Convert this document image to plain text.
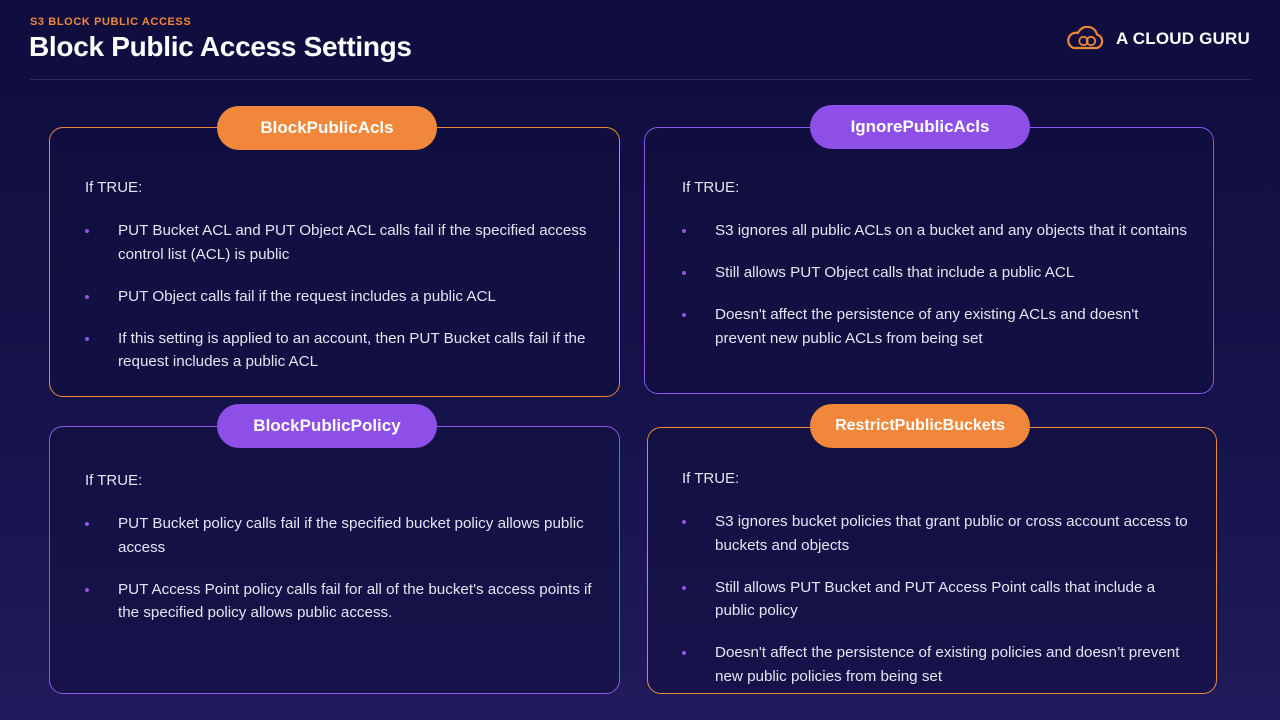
S3 BLOCK PUBLIC ACCESS
Block Public Access Settings	A CLOUD GURU
BlockPublicAcls
If TRUE:
PUT Bucket ACL and PUT Object ACL calls fail if the specified access control list (ACL) is public
PUT Object calls fail if the request includes a public ACL
If this setting is applied to an account, then PUT Bucket calls fail if the request includes a public ACL
IgnorePublicAcls
If TRUE:
S3 ignores all public ACLs on a bucket and any objects that it contains
Still allows PUT Object calls that include a public ACL
Doesn't affect the persistence of any existing ACLs and doesn't prevent new public ACLs from being set
BlockPublicPolicy
If TRUE:
PUT Bucket policy calls fail if the specified bucket policy allows public access
PUT Access Point policy calls fail for all of the bucket's access points if the specified policy allows public access.
RestrictPublicBuckets
If TRUE:
S3 ignores bucket policies that grant public or cross account access to buckets and objects
Still allows PUT Bucket and PUT Access Point calls that include a public policy
Doesn't affect the persistence of existing policies and doesn’t prevent new public policies from being set
